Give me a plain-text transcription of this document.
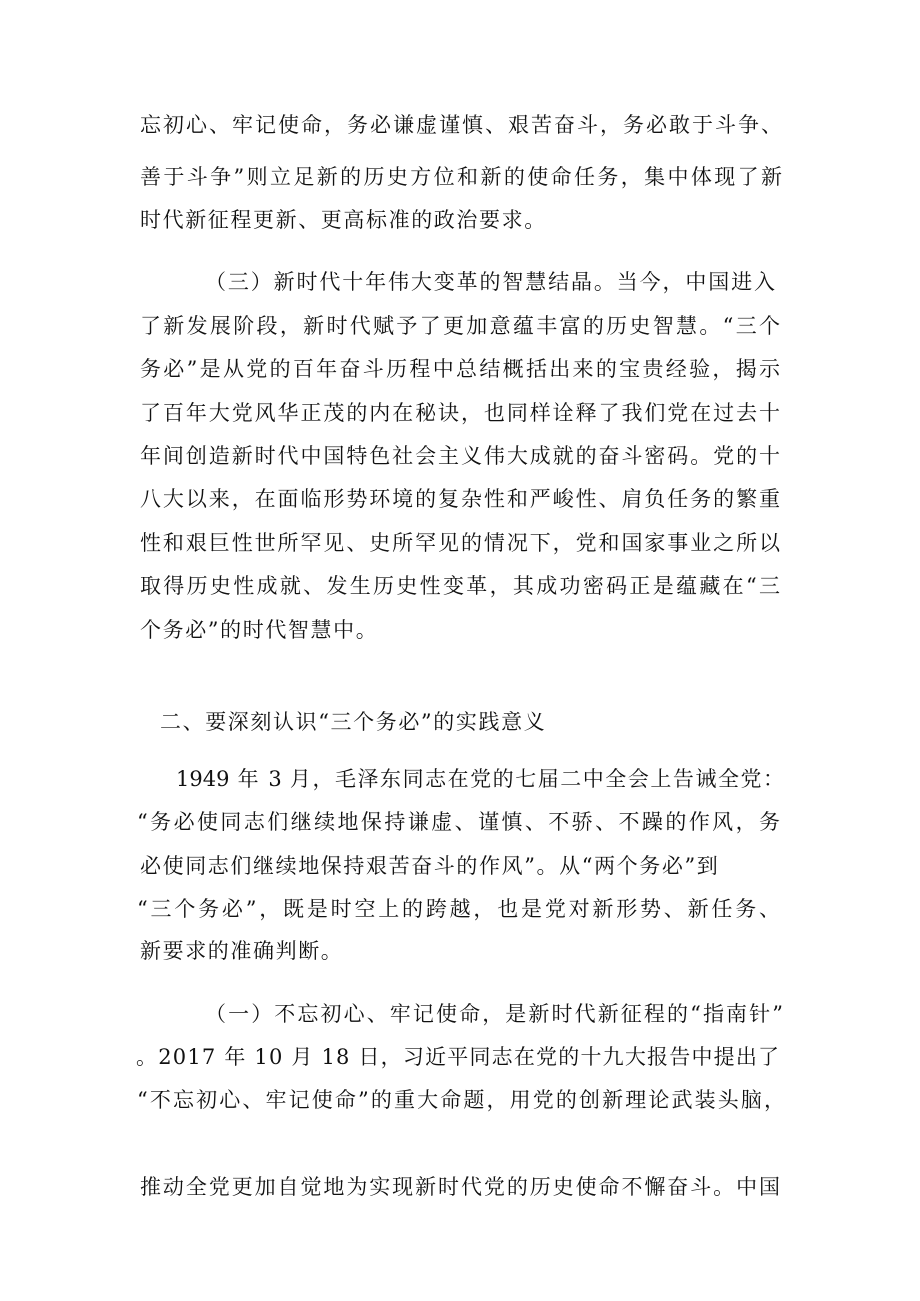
忘初心、牢记使命，务必谦虚谨慎、艰苦奋斗，务必敢于斗争、
善于斗争”则立足新的历史方位和新的使命任务，集中体现了新
时代新征程更新、更高标准的政治要求。
（三）新时代十年伟大变革的智慧结晶。当今，中国进入
了新发展阶段，新时代赋予了更加意蕴丰富的历史智慧。“三个
务必”是从党的百年奋斗历程中总结概括出来的宝贵经验，揭示
了百年大党风华正茂的内在秘诀，也同样诠释了我们党在过去十
年间创造新时代中国特色社会主义伟大成就的奋斗密码。党的十
八大以来，在面临形势环境的复杂性和严峻性、肩负任务的繁重
性和艰巨性世所罕见、史所罕见的情况下，党和国家事业之所以
取得历史性成就、发生历史性变革，其成功密码正是蕴藏在“三
个务必”的时代智慧中。
二、要深刻认识“三个务必”的实践意义
1949 年 3 月，毛泽东同志在党的七届二中全会上告诫全党：
“务必使同志们继续地保持谦虚、谨慎、不骄、不躁的作风，务
必使同志们继续地保持艰苦奋斗的作风”。从“两个务必”到
“三个务必”，既是时空上的跨越，也是党对新形势、新任务、
新要求的准确判断。
（一）不忘初心、牢记使命，是新时代新征程的“指南针”
。2017 年 10 月 18 日，习近平同志在党的十九大报告中提出了
“不忘初心、牢记使命”的重大命题，用党的创新理论武装头脑，
推动全党更加自觉地为实现新时代党的历史使命不懈奋斗。中国
